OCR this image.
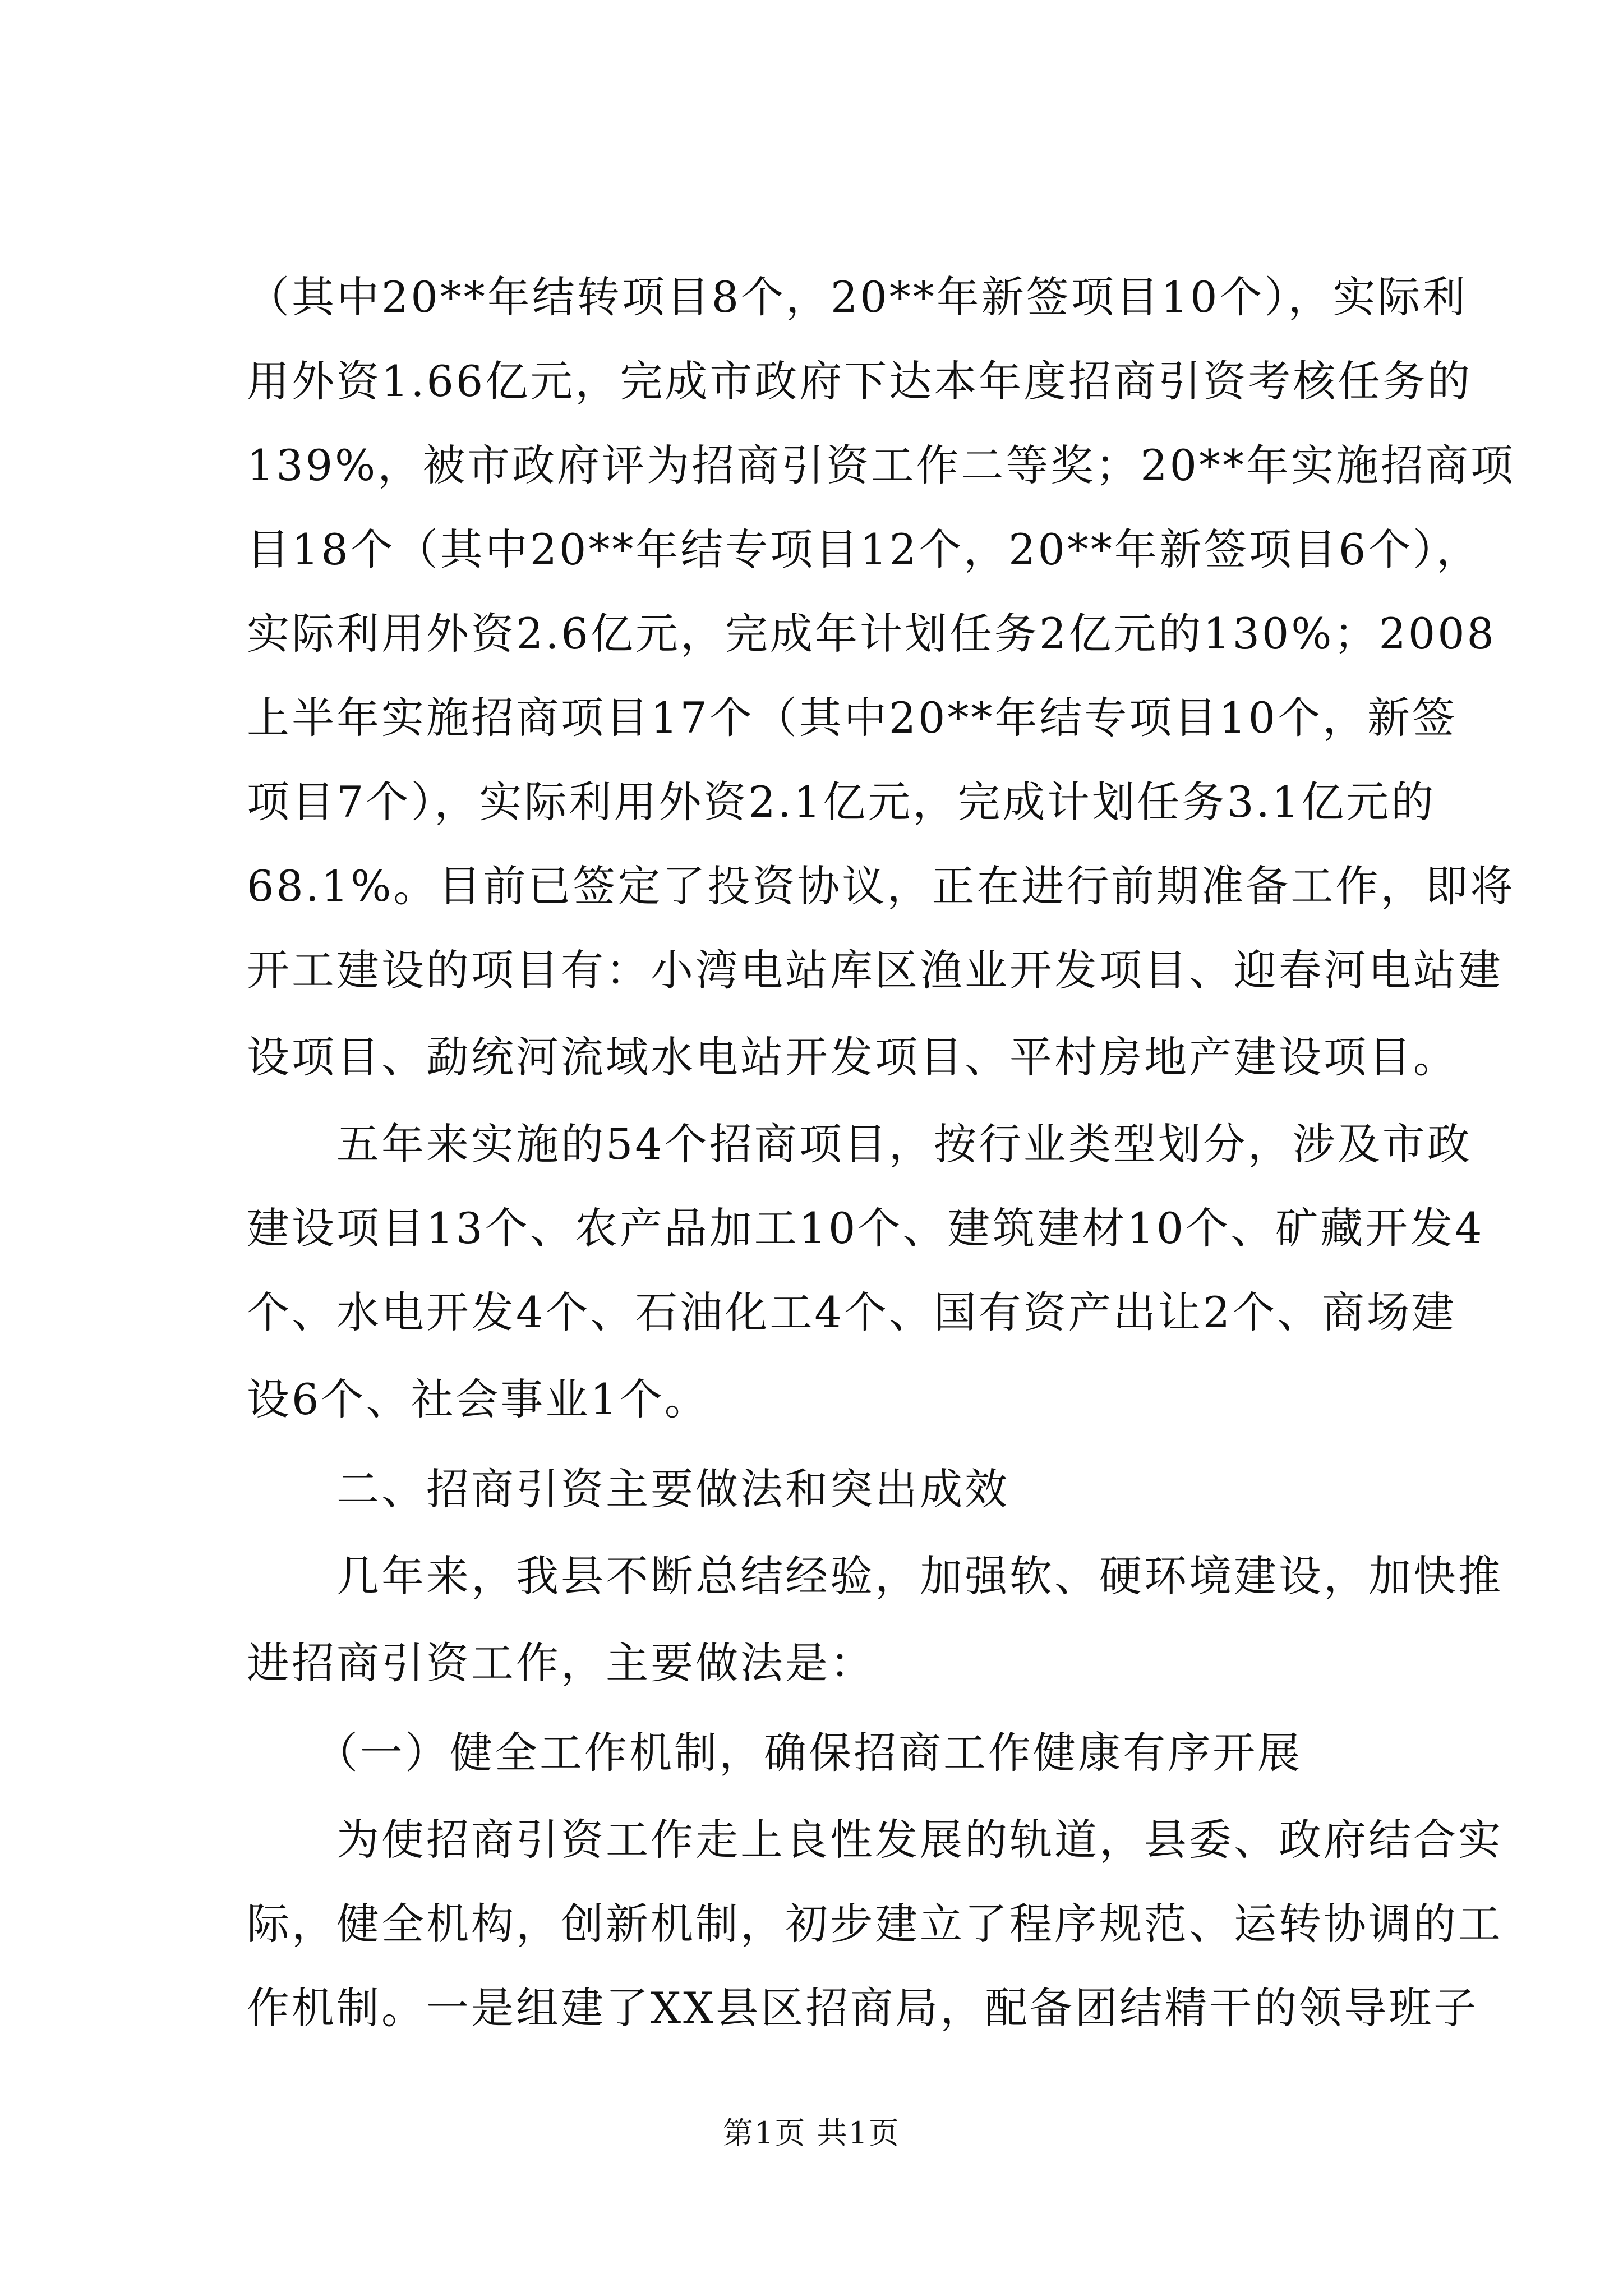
（其中20**年结转项目8个，20**年新签项目10个），实际利
用外资1.66亿元，完成市政府下达本年度招商引资考核任务的
139%，被市政府评为招商引资工作二等奖；20**年实施招商项
目18个（其中20**年结专项目12个，20**年新签项目6个），
实际利用外资2.6亿元，完成年计划任务2亿元的130%；2008
上半年实施招商项目17个（其中20**年结专项目10个，新签
项目7个），实际利用外资2.1亿元，完成计划任务3.1亿元的
68.1%。目前已签定了投资协议，正在进行前期准备工作，即将
开工建设的项目有：小湾电站库区渔业开发项目、迎春河电站建
设项目、勐统河流域水电站开发项目、平村房地产建设项目。
　　五年来实施的54个招商项目，按行业类型划分，涉及市政
建设项目13个、农产品加工10个、建筑建材10个、矿藏开发4
个、水电开发4个、石油化工4个、国有资产出让2个、商场建
设6个、社会事业1个。
　　二、招商引资主要做法和突出成效
　　几年来，我县不断总结经验，加强软、硬环境建设，加快推
进招商引资工作，主要做法是：
　　（一）健全工作机制，确保招商工作健康有序开展
　　为使招商引资工作走上良性发展的轨道，县委、政府结合实
际，健全机构，创新机制，初步建立了程序规范、运转协调的工
作机制。一是组建了XX县区招商局，配备团结精干的领导班子
第1页 共1页
